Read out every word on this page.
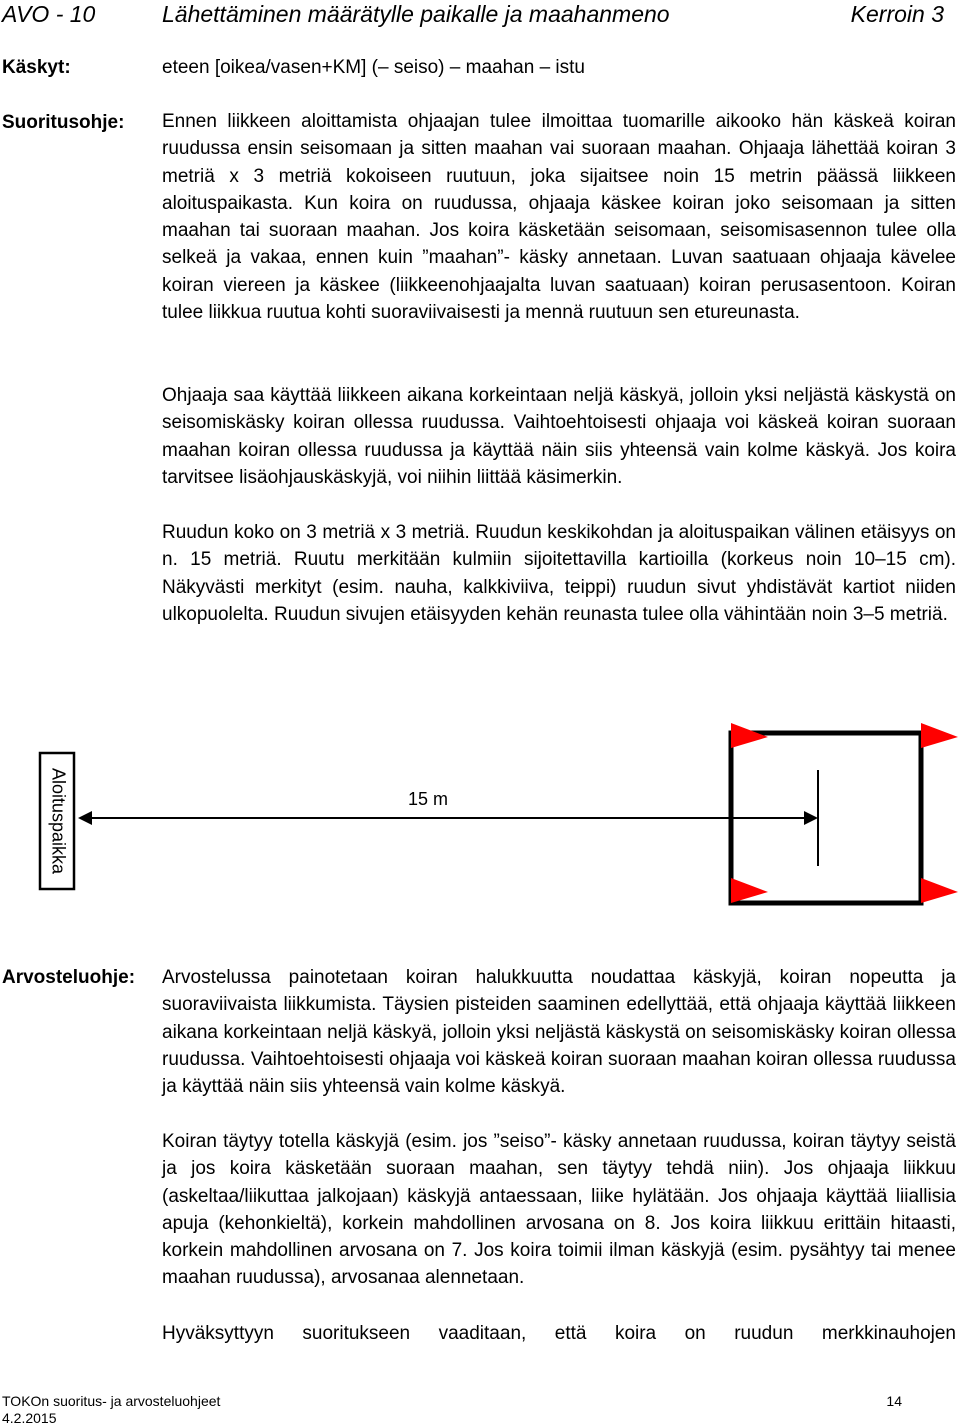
AVO - 10	Lähettäminen määrätylle paikalle ja maahanmeno	Kerroin 3
Käskyt:	eteen [oikea/vasen+KM] (– seiso) – maahan – istu
Suoritusohje: Ennen liikkeen aloittamista ohjaajan tulee ilmoittaa tuomarille aikooko hän käskeä koiran ruudussa ensin seisomaan ja sitten maahan vai suoraan maahan. Ohjaaja lähettää koiran 3 metriä x 3 metriä kokoiseen ruutuun, joka sijaitsee noin 15 metrin päässä liikkeen aloituspaikasta. Kun koira on ruudussa, ohjaaja käskee koiran joko seisomaan ja sitten maahan tai suoraan maahan. Jos koira käsketään seisomaan, seisomisasennon tulee olla selkeä ja vakaa, ennen kuin ”maahan”- käsky annetaan. Luvan saatuaan ohjaaja kävelee koiran viereen ja käskee (liikkeenohjaajalta luvan saatuaan) koiran perusasentoon. Koiran tulee liikkua ruutua kohti suoraviivaisesti ja mennä ruutuun sen etureunasta.

Ohjaaja saa käyttää liikkeen aikana korkeintaan neljä käskyä, jolloin yksi neljästä käskystä on seisomiskäsky koiran ollessa ruudussa. Vaihtoehtoisesti ohjaaja voi käskeä koiran suoraan maahan koiran ollessa ruudussa ja käyttää näin siis yhteensä vain kolme käskyä. Jos koira tarvitsee lisäohjauskäskyjä, voi niihin liittää käsimerkin.

Ruudun koko on 3 metriä x 3 metriä. Ruudun keskikohdan ja aloituspaikan välinen etäisyys on n. 15 metriä. Ruutu merkitään kulmiin sijoitettavilla kartioilla (korkeus noin 10–15 cm). Näkyvästi merkityt (esim. nauha, kalkkiviiva, teippi) ruudun sivut yhdistävät kartiot niiden ulkopuolelta. Ruudun sivujen etäisyyden kehän reunasta tulee olla vähintään noin 3–5 metriä.

Aloituspaikka	15 m
Arvosteluohje: Arvostelussa painotetaan koiran halukkuutta noudattaa käskyjä, koiran nopeutta ja suoraviivaista liikkumista. Täysien pisteiden saaminen edellyttää, että ohjaaja käyttää liikkeen aikana korkeintaan neljä käskyä, jolloin yksi neljästä käskystä on seisomiskäsky koiran ollessa ruudussa. Vaihtoehtoisesti ohjaaja voi käskeä koiran suoraan maahan koiran ollessa ruudussa ja käyttää näin siis yhteensä vain kolme käskyä.

Koiran täytyy totella käskyjä (esim. jos ”seiso”- käsky annetaan ruudussa, koiran täytyy seistä ja jos koira käsketään suoraan maahan, sen täytyy tehdä niin). Jos ohjaaja liikkuu (askeltaa/liikuttaa jalkojaan) käskyjä antaessaan, liike hylätään. Jos ohjaaja käyttää liiallisia apuja (kehonkieltä), korkein mahdollinen arvosana on 8. Jos koira liikkuu erittäin hitaasti, korkein mahdollinen arvosana on 7. Jos koira toimii ilman käskyjä (esim. pysähtyy tai menee maahan ruudussa), arvosanaa alennetaan.

Hyväksyttyyn suoritukseen vaaditaan, että koira on ruudun merkkinauhojen

TOKOn suoritus- ja arvosteluohjeet
4.2.2015
14
